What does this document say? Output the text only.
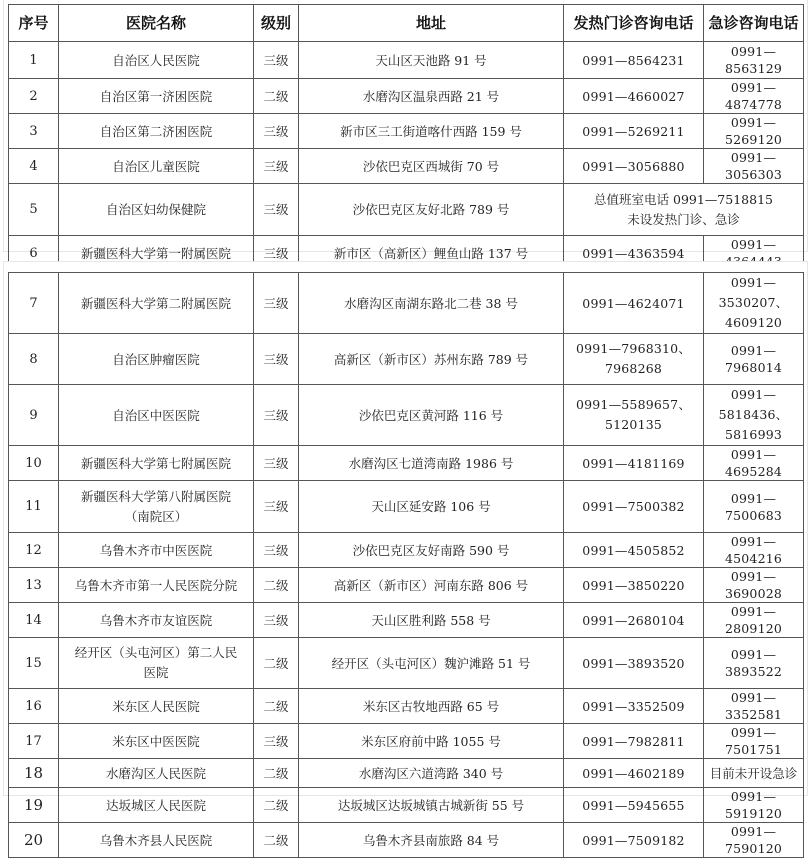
序号	医院名称	级别	地址	发热门诊咨询电话	急诊咨询电话
1	自治区人民医院	三级	天山区天池路 91 号	0991—8564231	0991—8563129
2	自治区第一济困医院	二级	水磨沟区温泉西路 21 号	0991—4660027	0991—4874778
3	自治区第二济困医院	三级	新市区三工街道喀什西路 159 号	0991—5269211	0991—5269120
4	自治区儿童医院	三级	沙依巴克区西城街 70 号	0991—3056880	0991—3056303
5	自治区妇幼保健院	三级	沙依巴克区友好北路 789 号	总值班室电话 0991—7518815
未设发热门诊、急诊	

6	新疆医科大学第一附属医院	三级	新市区（高新区）鲤鱼山路 137 号	0991—4363594	0991—
7	新疆医科大学第二附属医院	三级	水磨沟区南湖东路北二巷 38 号	0991—4624071	0991—3530207、
4609120

8	自治区肿瘤医院	三级	高新区（新市区）苏州东路 789 号	0991—7968310、
7968268	0991—7968014
9	自治区中医医院	三级	沙依巴克区黄河路 116 号	0991—5589657、
5120135	0991—5818436、
5816993

10	新疆医科大学第七附属医院	三级	水磨沟区七道湾南路 1986 号	0991—4181169	0991—4695284
11	新疆医科大学第八附属医院
（南院区）	三级	天山区延安路 106 号	0991—7500382	0991—7500683
12	乌鲁木齐市中医医院	三级	沙依巴克区友好南路 590 号	0991—4505852	0991—4504216
13	乌鲁木齐市第一人民医院分院	二级	高新区（新市区）河南东路 806 号	0991—3850220	0991—3690028
14	乌鲁木齐市友谊医院	三级	天山区胜利路 558 号	0991—2680104	0991—2809120
15	经开区（头屯河区）第二人民
医院	二级	经开区（头屯河区）魏沪滩路 51 号	0991—3893520	0991—3893522
16	米东区人民医院	二级	米东区古牧地西路 65 号	0991—3352509	0991—3352581
17	米东区中医医院	三级	米东区府前中路 1055 号	0991—7982811	0991—7501751
18	水磨沟区人民医院	二级	水磨沟区六道湾路 340 号	0991—4602189	目前未开设急诊
19	达坂城区人民医院	二级	达坂城区达坂城镇古城新街 55 号	0991—5945655	0991—5919120
20	乌鲁木齐县人民医院	二级	乌鲁木齐县南旅路 84 号	0991—7509182	0991—7590120
